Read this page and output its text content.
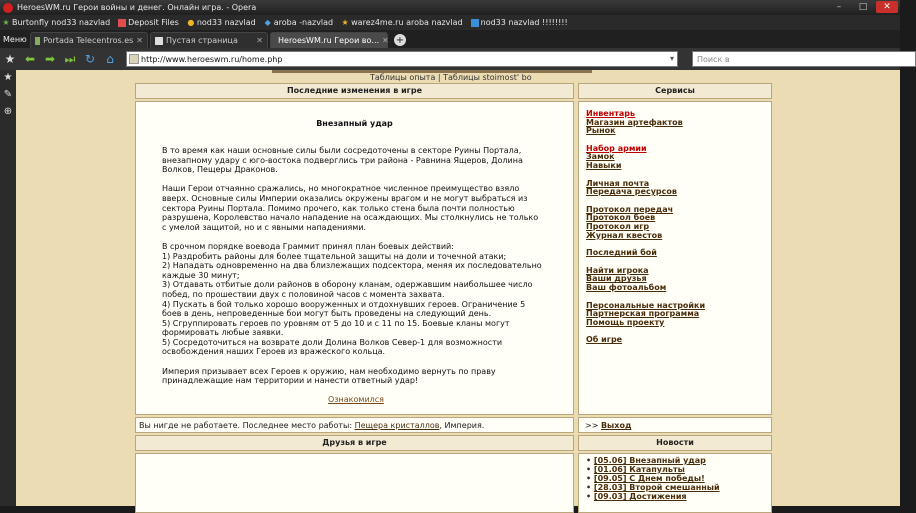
HeroesWM.ru Герои войны и денег. Онлайн игра. - Opera	–	□	✕
★ Burtonfly nod33 nazvlad Deposit Files ● nod33 nazvlad ◆ aroba -nazvlad ★ warez4me.ru aroba nazvlad nod33 nazvlad !!!!!!!!
Меню	Portada Telecentros.es ✕	Пустая страница ✕ HeroesWM.ru Герои во... ✕ +
★ ⬅ ➡ ⏭ ↻ ⌂	http://www.heroeswm.ru/home.php	▾	Поиск в
★
✎
⊕
Таблицы опыта | Таблицы stoimost' bo
Последние изменения в игре
Внезапный удар

В то время как наши основные силы были сосредоточены в секторе Руины Портала, внезапному удару с юго-востока подверглись три района - Равнина Ящеров, Долина Волков, Пещеры Драконов.

Наши Герои отчаянно сражались, но многократное численное преимущество взяло вверх. Основные силы Империи оказались окружены врагом и не могут выбраться из сектора Руины Портала. Помимо прочего, как только стена была почти полностью разрушена, Королевство начало нападение на осаждающих. Мы столкнулись не только с умелой защитой, но и с явными нападениями.

В срочном порядке воевода Граммит принял план боевых действий:
1) Раздробить районы для более тщательной защиты на доли и точечной атаки;
2) Нападать одновременно на два близлежащих подсектора, меняя их последовательно каждые 30 минут;
3) Отдавать отбитые доли районов в оборону кланам, одержавшим наибольшее число побед, по прошествии двух с половиной часов с момента захвата.
4) Пускать в бой только хорошо вооруженных и отдохнувших героев. Ограничение 5 боев в день, непроведенные бои могут быть проведены на следующий день.
5) Сгруппировать героев по уровням от 5 до 10 и с 11 по 15. Боевые кланы могут формировать любые заявки.
5) Сосредоточиться на возврате доли Долина Волков Север-1 для возможности освобождения наших Героев из вражеского кольца.

Империя призывает всех Героев к оружию, нам необходимо вернуть по праву принадлежащие нам территории и нанести ответный удар!

Ознакомился
Сервисы
Инвентарь
Магазин артефактов
Рынок
Набор армии
Замок
Навыки
Личная почта
Передача ресурсов
Протокол передач
Протокол боев
Протокол игр
Журнал квестов
Последний бой
Найти игрока
Ваши друзья
Ваш фотоальбом
Персональные настройки
Партнерская программа
Помощь проекту
Об игре
Вы нигде не работаете. Последнее место работы: Пещера кристаллов, Империя.	>> Выход
Друзья в игре	Новости
• [05.06] Внезапный удар
• [01.06] Катапульты
• [09.05] С Днем победы!
• [28.03] Второй смешанный
• [09.03] Достижения
